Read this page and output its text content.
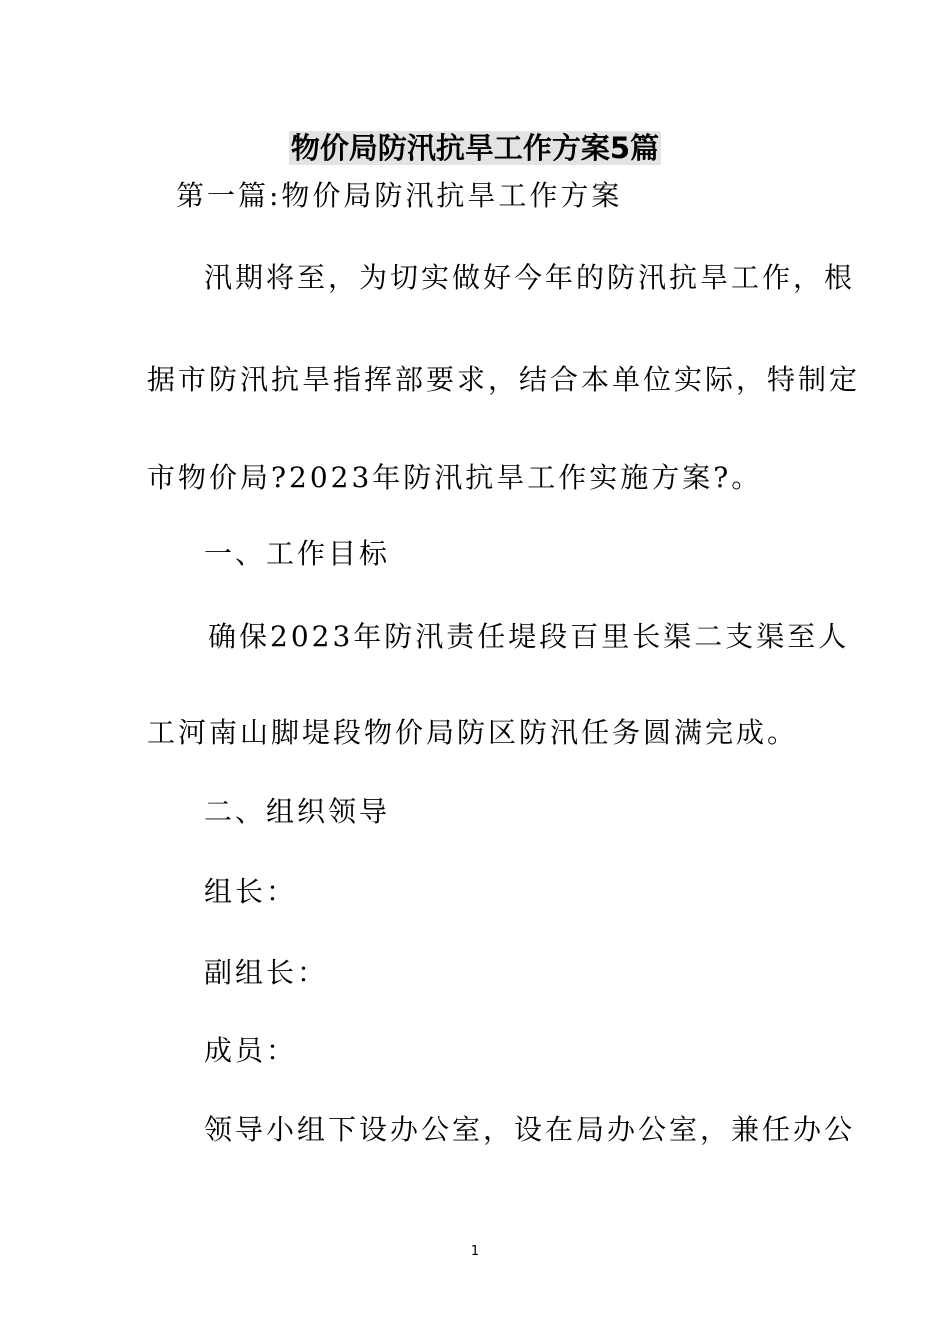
物价局防汛抗旱工作方案5篇
第一篇:物价局防汛抗旱工作方案
汛期将至，为切实做好今年的防汛抗旱工作，根
据市防汛抗旱指挥部要求，结合本单位实际，特制定
市物价局?2023年防汛抗旱工作实施方案?。
一、工作目标
确保2023年防汛责任堤段百里长渠二支渠至人
工河南山脚堤段物价局防区防汛任务圆满完成。
二、组织领导
组长：
副组长：
成员：
领导小组下设办公室，设在局办公室，兼任办公
1
